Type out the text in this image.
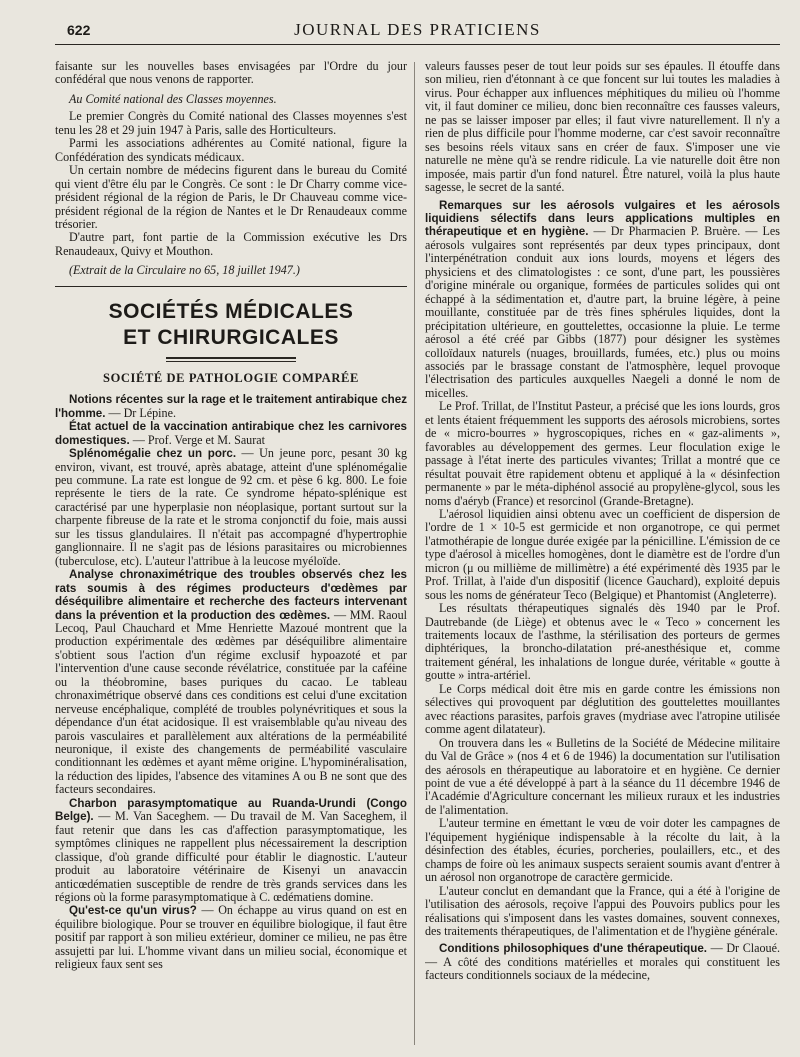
622	JOURNAL DES PRATICIENS

faisante sur les nouvelles bases envisagées par l'Ordre du jour confédéral que nous venons de rapporter.

Au Comité national des Classes moyennes.

Le premier Congrès du Comité national des Classes moyennes s'est tenu les 28 et 29 juin 1947 à Paris, salle des Horticulteurs.

Parmi les associations adhérentes au Comité national, figure la Confédération des syndicats médicaux.

Un certain nombre de médecins figurent dans le bureau du Comité qui vient d'être élu par le Congrès. Ce sont : le Dr Charry comme vice-président régional de la région de Paris, le Dr Chauveau comme vice-président régional de la région de Nantes et le Dr Renaudeaux comme trésorier.

D'autre part, font partie de la Commission exécutive les Drs Renaudeaux, Quivy et Mouthon.

(Extrait de la Circulaire no 65, 18 juillet 1947.)

SOCIÉTÉS MÉDICALES
ET CHIRURGICALES
SOCIÉTÉ DE PATHOLOGIE COMPARÉE

Notions récentes sur la rage et le traitement antirabique chez l'homme. — Dr Lépine.

État actuel de la vaccination antirabique chez les carnivores domestiques. — Prof. Verge et M. Saurat

Splénomégalie chez un porc. — Un jeune porc, pesant 30 kg environ, vivant, est trouvé, après abatage, atteint d'une splénomégalie peu commune. La rate est longue de 92 cm. et pèse 6 kg. 800. Le foie représente le tiers de la rate. Ce syndrome hépato-splénique est caractérisé par une hyperplasie non néoplasique, portant surtout sur la charpente fibreuse de la rate et le stroma conjonctif du foie, mais aussi sur les tissus glandulaires. Il n'était pas accompagné d'hypertrophie ganglionnaire. Il ne s'agit pas de lésions parasitaires ou microbiennes (tuberculose, etc). L'auteur l'attribue à la leucose myéloïde.

Analyse chronaximétrique des troubles observés chez les rats soumis à des régimes producteurs d'œdèmes par déséquilibre alimentaire et recherche des facteurs intervenant dans la prévention et la production des œdèmes. — MM. Raoul Lecoq, Paul Chauchard et Mme Henriette Mazoué montrent que la production expérimentale des œdèmes par déséquilibre alimentaire s'obtient sous l'action d'un régime exclusif hypoazoté et par l'intervention d'une cause seconde révélatrice, constituée par la caféine ou la théobromine, bases puriques du cacao. Le tableau chronaximétrique observé dans ces conditions est celui d'une excitation nerveuse encéphalique, complété de troubles polynévritiques et sous la dépendance d'un état acidosique. Il est vraisemblable qu'au niveau des parois vasculaires et parallèlement aux altérations de la perméabilité neuronique, il existe des changements de perméabilité vasculaire conditionnant les œdèmes et ayant même origine. L'hypominéralisation, la réduction des lipides, l'absence des vitamines A ou B ne sont que des facteurs secondaires.

Charbon parasymptomatique au Ruanda-Urundi (Congo Belge). — M. Van Saceghem. — Du travail de M. Van Saceghem, il faut retenir que dans les cas d'affection parasymptomatique, les symptômes cliniques ne rappellent plus nécessairement la description classique, d'où grande difficulté pour établir le diagnostic. L'auteur produit au laboratoire vétérinaire de Kisenyi un anavaccin anticœdématien susceptible de rendre de très grands services dans les régions où la forme parasymptomatique à C. œdématiens domine.

Qu'est-ce qu'un virus? — On échappe au virus quand on est en équilibre biologique. Pour se trouver en équilibre biologique, il faut être positif par rapport à son milieu extérieur, dominer ce milieu, ne pas être assujetti par lui. L'homme vivant dans un milieu social, économique et religieux faux sent ses

valeurs fausses peser de tout leur poids sur ses épaules. Il étouffe dans son milieu, rien d'étonnant à ce que foncent sur lui toutes les maladies à virus. Pour échapper aux influences méphitiques du milieu où l'homme vit, il faut dominer ce milieu, donc bien reconnaître ces fausses valeurs, ne pas se laisser imposer par elles; il faut vivre naturellement. Il n'y a rien de plus difficile pour l'homme moderne, car c'est savoir reconnaître ses besoins réels vitaux sans en créer de faux. S'imposer une vie naturelle ne mène qu'à se rendre ridicule. La vie naturelle doit être non imposée, mais partir d'un fond naturel. Être naturel, voilà la plus haute sagesse, le secret de la santé.

Remarques sur les aérosols vulgaires et les aérosols liquidiens sélectifs dans leurs applications multiples en thérapeutique et en hygiène. — Dr Pharmacien P. Bruère. — Les aérosols vulgaires sont représentés par deux types principaux, dont l'interpénétration conduit aux ions lourds, moyens et légers des physiciens et des climatologistes : ce sont, d'une part, les poussières d'origine minérale ou organique, formées de particules solides qui ont échappé à la sédimentation et, d'autre part, la bruine légère, à peine mouillante, constituée par de très fines sphérules liquides, dont la précipitation ultérieure, en gouttelettes, occasionne la pluie. Le terme aérosol a été créé par Gibbs (1877) pour désigner les systèmes colloïdaux naturels (nuages, brouillards, fumées, etc.) plus ou moins associés par le brassage constant de l'atmosphère, lequel provoque l'électrisation des particules auxquelles Naegeli a donné le nom de micelles.

Le Prof. Trillat, de l'Institut Pasteur, a précisé que les ions lourds, gros et lents étaient fréquemment les supports des aérosols microbiens, sortes de « micro-bourres » hygroscopiques, riches en « gaz-aliments », favorables au développement des germes. Leur floculation exige le passage à l'état inerte des particules vivantes; Trillat a montré que ce résultat pouvait être rapidement obtenu et appliqué à la « désinfection permanente » par le méta-diphénol associé au propylène-glycol, sous les noms d'aéryb (France) et resorcinol (Grande-Bretagne).

L'aérosol liquidien ainsi obtenu avec un coefficient de dispersion de l'ordre de 1 × 10-5 est germicide et non organotrope, ce qui permet l'atmothérapie de longue durée exigée par la pénicilline. L'émission de ce type d'aérosol à micelles homogènes, dont le diamètre est de l'ordre d'un micron (μ ou millième de millimètre) a été expérimenté dès 1935 par le Prof. Trillat, à l'aide d'un dispositif (licence Gauchard), exploité depuis sous les noms de générateur Teco (Belgique) et Phantomist (Angleterre).

Les résultats thérapeutiques signalés dès 1940 par le Prof. Dautrebande (de Liège) et obtenus avec le « Teco » concernent les traitements locaux de l'asthme, la stérilisation des porteurs de germes diphtériques, la broncho-dilatation pré-anesthésique et, comme traitement général, les inhalations de longue durée, véritable « goutte à goutte » intra-artériel.

Le Corps médical doit être mis en garde contre les émissions non sélectives qui provoquent par déglutition des gouttelettes mouillantes avec réactions parasites, parfois graves (mydriase avec l'atropine utilisée comme agent dilatateur).

On trouvera dans les « Bulletins de la Société de Médecine militaire du Val de Grâce » (nos 4 et 6 de 1946) la documentation sur l'utilisation des aérosols en thérapeutique au laboratoire et en hygiène. Ce dernier point de vue a été développé à part à la séance du 11 décembre 1946 de l'Académie d'Agriculture concernant les milieux ruraux et les industries de l'alimentation.

L'auteur termine en émettant le vœu de voir doter les campagnes de l'équipement hygiénique indispensable à la récolte du lait, à la désinfection des étables, écuries, porcheries, poulaillers, etc., et des champs de foire où les animaux suspects seraient soumis avant d'entrer à un aérosol non organotrope de caractère germicide.

L'auteur conclut en demandant que la France, qui a été à l'origine de l'utilisation des aérosols, reçoive l'appui des Pouvoirs publics pour les réalisations qui s'imposent dans les vastes domaines, souvent connexes, des traitements thérapeutiques, de l'alimentation et de l'hygiène générale.

Conditions philosophiques d'une thérapeutique. — Dr Claoué. — A côté des conditions matérielles et morales qui constituent les facteurs conditionnels sociaux de la médecine,
